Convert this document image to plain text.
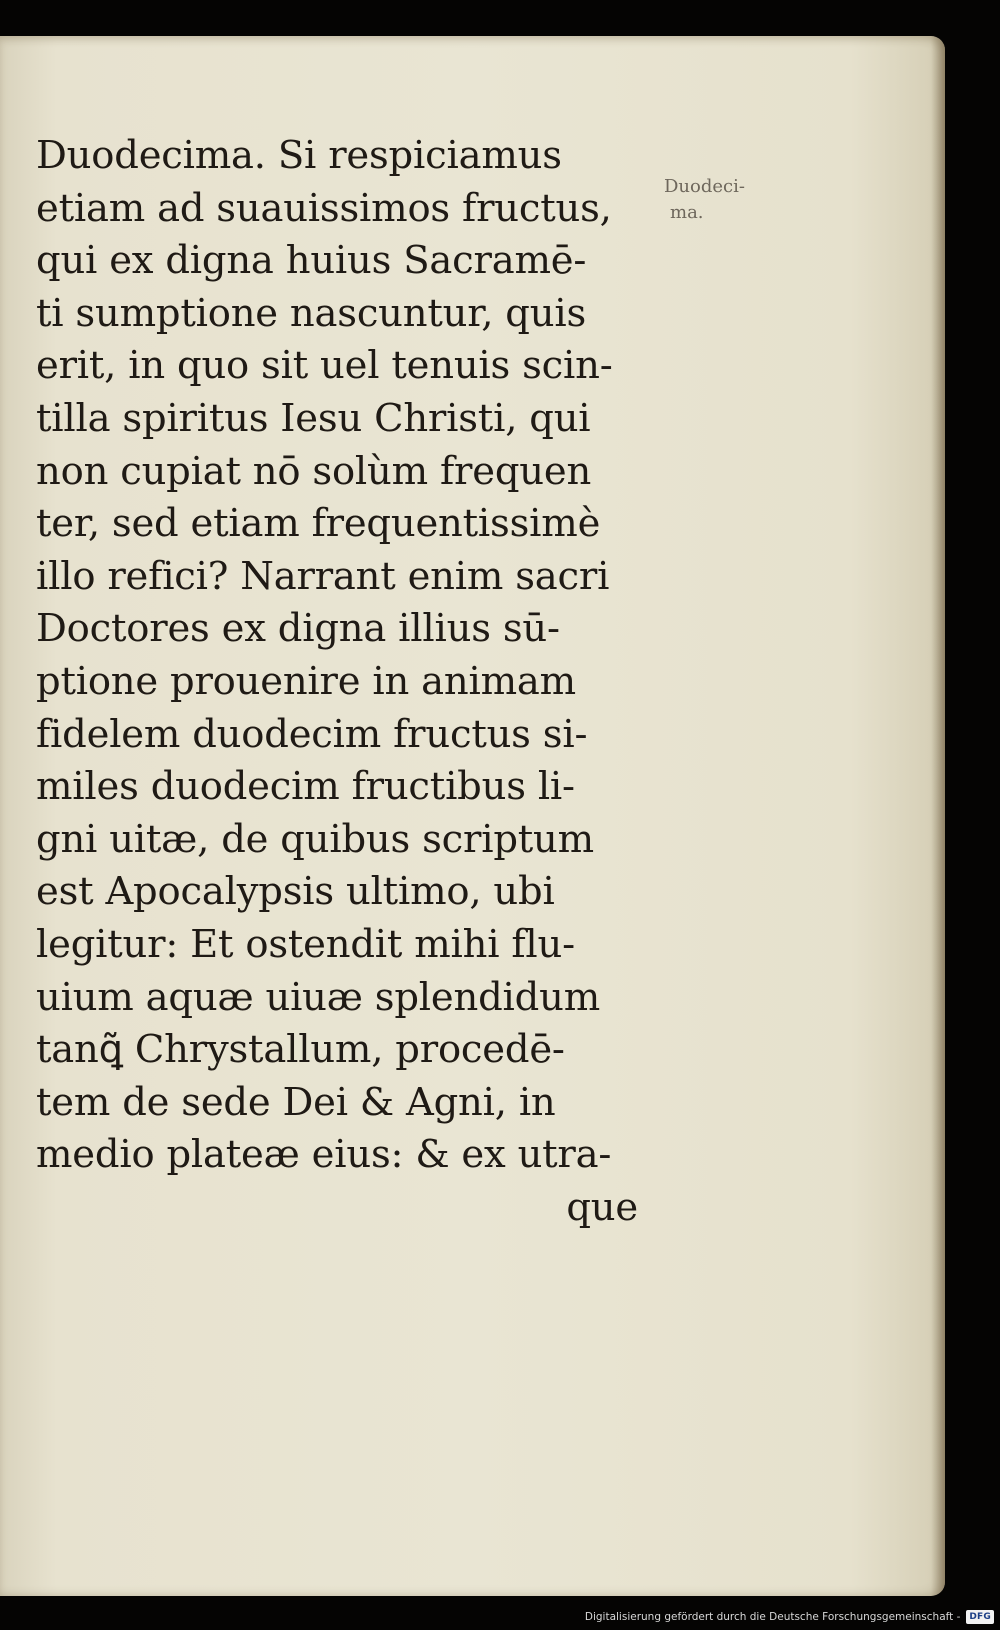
Duodecima. Si respiciamus
etiam ad suauissimos fructus,
qui ex digna huius Sacramē-
ti sumptione nascuntur, quis
erit, in quo sit uel tenuis scin-
tilla spiritus Iesu Christi, qui
non cupiat nō solùm frequen
ter, sed etiam frequentissimè
illo refici? Narrant enim sacri
Doctores ex digna illius sū-
ptione prouenire in animam
fidelem duodecim fructus si-
miles duodecim fructibus li-
gni uitæ, de quibus scriptum
est Apocalypsis ultimo, ubi
legitur: Et ostendit mihi flu-
uium aquæ uiuæ splendidum
tanꝗ̃ Chrystallum, procedē-
tem de sede Dei & Agni, in
medio plateæ eius: & ex utra-
que
Duodeci-
ma.
Digitalisierung gefördert durch die Deutsche Forschungsgemeinschaft -	DFG
